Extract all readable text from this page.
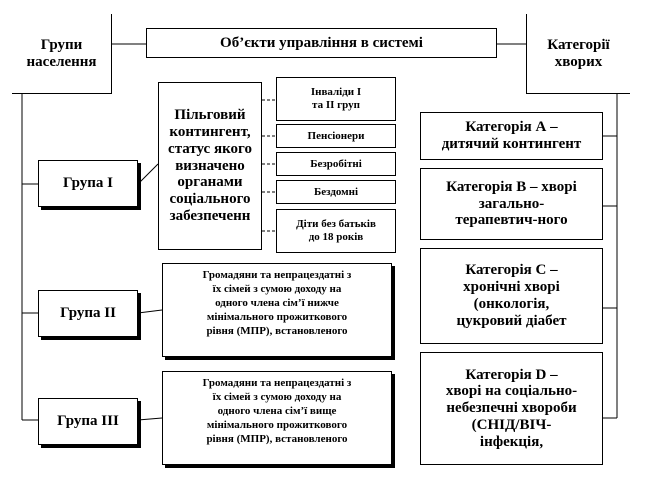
Групи
населення
Об’єкти управління в системі	Категорії
хворих
Група I
Група II
Група III
Пільговий
контингент,
статус якого
визначено
органами
соціального
забезпеченн
Інваліди I
та II груп
Пенсіонери
Безробітні
Бездомні
Діти без батьків
до 18 років
Громадяни та непрацездатні з
їх сімей з сумою доходу на
одного члена сім’ї нижче
мінімального прожиткового
рівня (МПР), встановленого
Громадяни та непрацездатні з
їх сімей з сумою доходу на
одного члена сім’ї вище
мінімального прожиткового
рівня (МПР), встановленого
Категорія А –
дитячий контингент
Категорія В – хворі
загально-
терапевтич-ного
Категорія С –
хронічні хворі
(онкологія,
цукровий діабет
Категорія D –
хворі на соціально-
небезпечні хвороби
(СНІД/ВІЧ-
інфекція,
